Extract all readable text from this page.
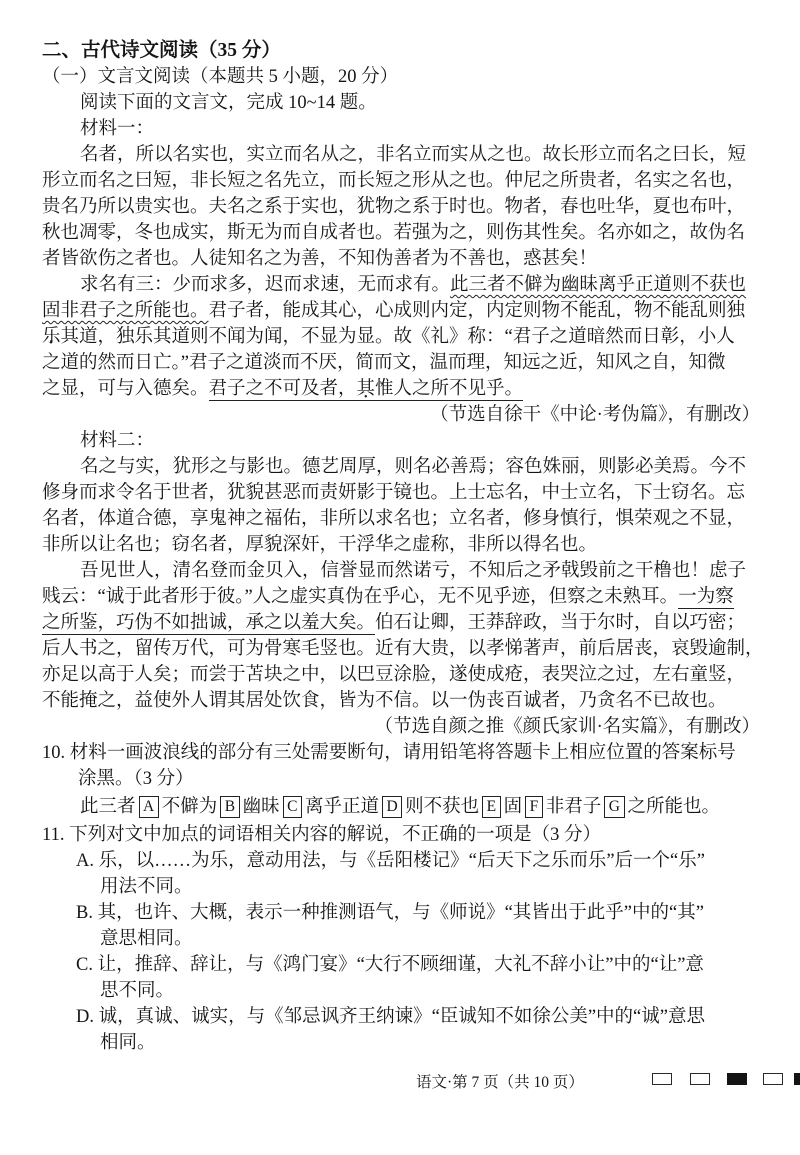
二、古代诗文阅读（35 分）
（一）文言文阅读（本题共 5 小题，20 分）
阅读下面的文言文，完成 10~14 题。
材料一：
名者，所以名实也，实立而名从之，非名立而实从之也。故长形立而名之曰长，短
形立而名之曰短，非长短之名先立，而长短之形从之也。仲尼之所贵者，名实之名也，
贵名乃所以贵实也。夫名之系于实也，犹物之系于时也。物者，春也吐华，夏也布叶，
秋也凋零，冬也成实，斯无为而自成者也。若强为之，则伤其性矣。名亦如之，故伪名
者皆欲伤之者也。人徒知名之为善，不知伪善者为不善也，惑甚矣！
求名有三：少而求多，迟而求速，无而求有。此三者不僻为幽昧离乎正道则不获也
固非君子之所能也。君子者，能成其心，心成则内定，内定则物不能乱，物不能乱则独
乐其道，独乐其道则不闻为闻，不显为显。故《礼》称：“君子之道暗然而日彰，小人
之道的然而日亡。”君子之道淡而不厌，简而文，温而理，知远之近，知风之自，知微
之显，可与入德矣。君子之不可及者，其惟人之所不见乎。
（节选自徐干《中论·考伪篇》，有删改）
材料二：
名之与实，犹形之与影也。德艺周厚，则名必善焉；容色姝丽，则影必美焉。今不
修身而求令名于世者，犹貌甚恶而责妍影于镜也。上士忘名，中士立名，下士窃名。忘
名者，体道合德，享鬼神之福佑，非所以求名也；立名者，修身慎行，惧荣观之不显，
非所以让名也；窃名者，厚貌深奸，干浮华之虚称，非所以得名也。
吾见世人，清名登而金贝入，信誉显而然诺亏，不知后之矛戟毁前之干橹也！虑子
贱云：“诚于此者形于彼。”人之虚实真伪在乎心，无不见乎迹，但察之未熟耳。一为察
之所鉴，巧伪不如拙诚，承之以羞大矣。伯石让卿，王莽辞政，当于尔时，自以巧密；
后人书之，留传万代，可为骨寒毛竖也。近有大贵，以孝悌著声，前后居丧，哀毁逾制，
亦足以高于人矣；而尝于苫块之中，以巴豆涂脸，遂使成疮，表哭泣之过，左右童竖，
不能掩之，益使外人谓其居处饮食，皆为不信。以一伪丧百诚者，乃贪名不已故也。
（节选自颜之推《颜氏家训·名实篇》，有删改）
10. 材料一画波浪线的部分有三处需要断句，请用铅笔将答题卡上相应位置的答案标号
涂黑。（3 分）
此三者 A 不僻为 B 幽昧 C 离乎正道 D 则不获也 E 固 F 非君子 G 之所能也。
11. 下列对文中加点的词语相关内容的解说，不正确的一项是（3 分）
A. 乐，以……为乐，意动用法，与《岳阳楼记》“后天下之乐而乐”后一个“乐”
用法不同。
B. 其，也许、大概，表示一种推测语气，与《师说》“其皆出于此乎”中的“其”
意思相同。
C. 让，推辞、辞让，与《鸿门宴》“大行不顾细谨，大礼不辞小让”中的“让”意
思不同。
D. 诚，真诚、诚实，与《邹忌讽齐王纳谏》“臣诚知不如徐公美”中的“诚”意思
相同。
语文·第 7 页（共 10 页）
